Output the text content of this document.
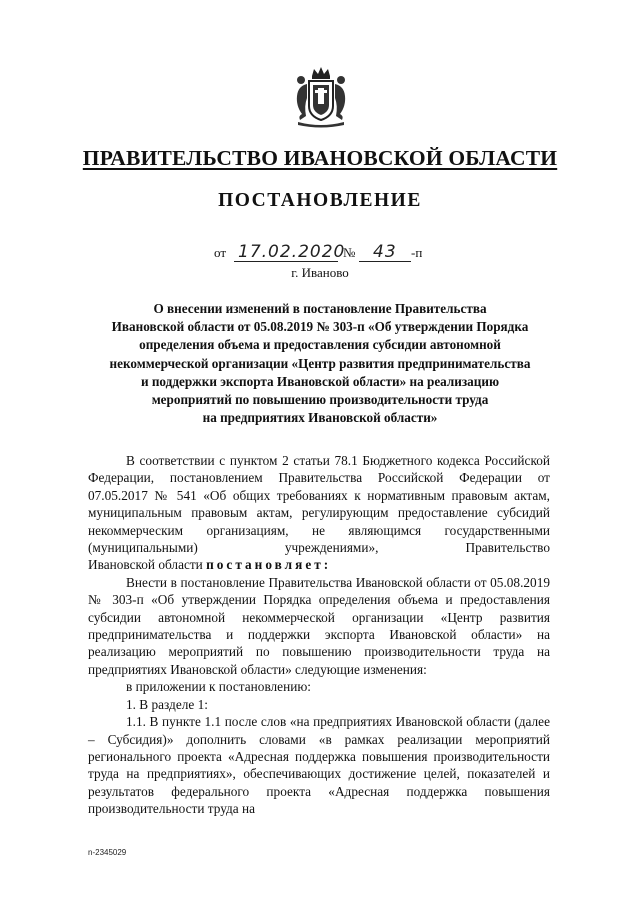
ПРАВИТЕЛЬСТВО ИВАНОВСКОЙ ОБЛАСТИ
ПОСТАНОВЛЕНИЕ
от 17.02.2020
№ 43 -п
г. Иваново
О внесении изменений в постановление Правительства
Ивановской области от 05.08.2019 № 303-п «Об утверждении Порядка
определения объема и предоставления субсидии автономной
некоммерческой организации «Центр развития предпринимательства
и поддержки экспорта Ивановской области» на реализацию
мероприятий по повышению производительности труда
на предприятиях Ивановской области»

В соответствии с пунктом 2 статьи 78.1 Бюджетного кодекса Российской Федерации, постановлением Правительства Российской Федерации от 07.05.2017 № 541 «Об общих требованиях к нормативным правовым актам, муниципальным правовым актам, регулирующим предоставление субсидий некоммерческим организациям, не являющимся государственными (муниципальными) учреждениями», Правительство

Ивановской области постановляет:

Внести в постановление Правительства Ивановской области от 05.08.2019 № 303-п «Об утверждении Порядка определения объема и предоставления субсидии автономной некоммерческой организации «Центр развития предпринимательства и поддержки экспорта Ивановской области» на реализацию мероприятий по повышению производительности труда на предприятиях Ивановской области» следующие изменения:

в приложении к постановлению:

1. В разделе 1:

1.1. В пункте 1.1 после слов «на предприятиях Ивановской области (далее – Субсидия)» дополнить словами «в рамках реализации мероприятий регионального проекта «Адресная поддержка повышения производительности труда на предприятиях», обеспечивающих достижение целей, показателей и результатов федерального проекта «Адресная поддержка повышения производительности труда на

n-2345029
